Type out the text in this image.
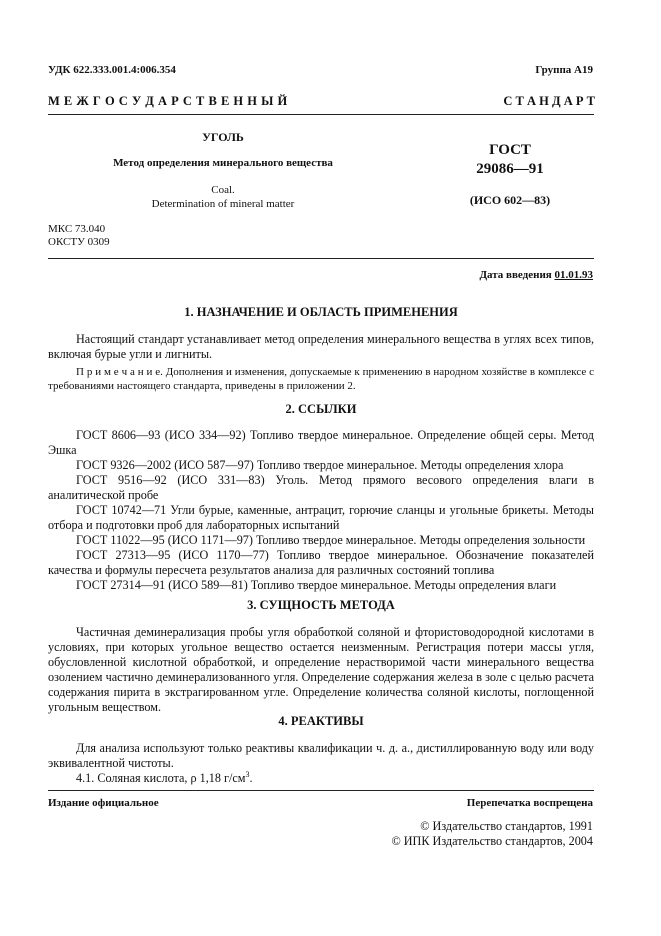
УДК 622.333.001.4:006.354	Группа А19
М Е Ж Г О С У Д А Р С Т В Е Н Н Ы Й	С Т А Н Д А Р Т
УГОЛЬ
Метод определения минерального вещества
Coal.
Determination of mineral matter
МКС 73.040
ОКСТУ 0309
ГОСТ
29086—91
(ИСО 602—83)
Дата введения 01.01.93
1. НАЗНАЧЕНИЕ И ОБЛАСТЬ ПРИМЕНЕНИЯ

Настоящий стандарт устанавливает метод определения минерального вещества в углях всех типов, включая бурые угли и лигниты.

П р и м е ч а н и е. Дополнения и изменения, допускаемые к применению в народном хозяйстве в комплексе с требованиями настоящего стандарта, приведены в приложении 2.

2. ССЫЛКИ

ГОСТ 8606—93 (ИСО 334—92) Топливо твердое минеральное. Определение общей серы. Метод Эшка

ГОСТ 9326—2002 (ИСО 587—97) Топливо твердое минеральное. Методы определения хлора

ГОСТ 9516—92 (ИСО 331—83) Уголь. Метод прямого весового определения влаги в аналитической пробе

ГОСТ 10742—71 Угли бурые, каменные, антрацит, горючие сланцы и угольные брикеты. Методы отбора и подготовки проб для лабораторных испытаний

ГОСТ 11022—95 (ИСО 1171—97) Топливо твердое минеральное. Методы определения зольности

ГОСТ 27313—95 (ИСО 1170—77) Топливо твердое минеральное. Обозначение показателей качества и формулы пересчета результатов анализа для различных состояний топлива

ГОСТ 27314—91 (ИСО 589—81) Топливо твердое минеральное. Методы определения влаги

3. СУЩНОСТЬ МЕТОДА

Частичная деминерализация пробы угля обработкой соляной и фтористоводородной кислотами в условиях, при которых угольное вещество остается неизменным. Регистрация потери массы угля, обусловленной кислотной обработкой, и определение нерастворимой части минерального вещества озолением частично деминерализованного угля. Определение содержания железа в золе с целью расчета содержания пирита в экстрагированном угле. Определение количества соляной кислоты, поглощенной угольным веществом.

4. РЕАКТИВЫ

Для анализа используют только реактивы квалификации ч. д. а., дистиллированную воду или воду эквивалентной чистоты.

4.1. Соляная кислота, ρ 1,18 $г/см^3$.

Издание официальное	Перепечатка воспрещена
© Издательство стандартов, 1991
© ИПК Издательство стандартов, 2004
